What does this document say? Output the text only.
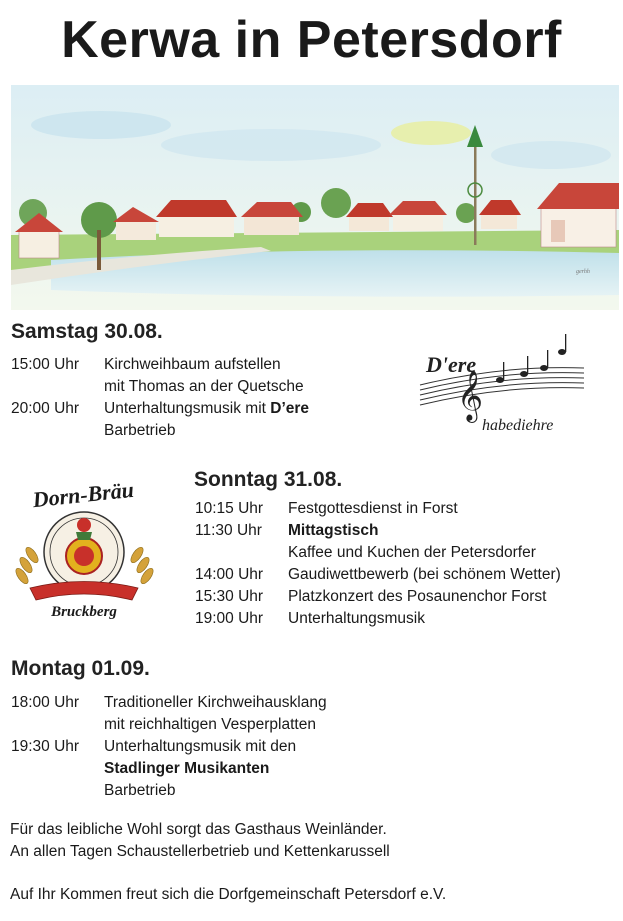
Kerwa in Petersdorf
gerhh
Samstag 30.08.
15:00 Uhr Kirchweihbaum aufstellen
mit Thomas an der Quetsche
20:00 Uhr Unterhaltungsmusik mit D’ere
Barbetrieb
𝄞
D'ere
habediehre
Dorn-Bräu
Bruckberg
Sonntag 31.08.
10:15 Uhr Festgottesdienst in Forst
11:30 Uhr Mittagstisch
Kaffee und Kuchen der Petersdorfer
14:00 Uhr Gaudiwettbewerb (bei schönem Wetter)
15:30 Uhr Platzkonzert des Posaunenchor Forst
19:00 Uhr Unterhaltungsmusik
Montag 01.09.
18:00 Uhr Traditioneller Kirchweihausklang
mit reichhaltigen Vesperplatten
19:30 Uhr Unterhaltungsmusik mit den
Stadlinger Musikanten
Barbetrieb
Für das leibliche Wohl sorgt das Gasthaus Weinländer.
An allen Tagen Schaustellerbetrieb und Kettenkarussell
Auf Ihr Kommen freut sich die Dorfgemeinschaft Petersdorf e.V.
